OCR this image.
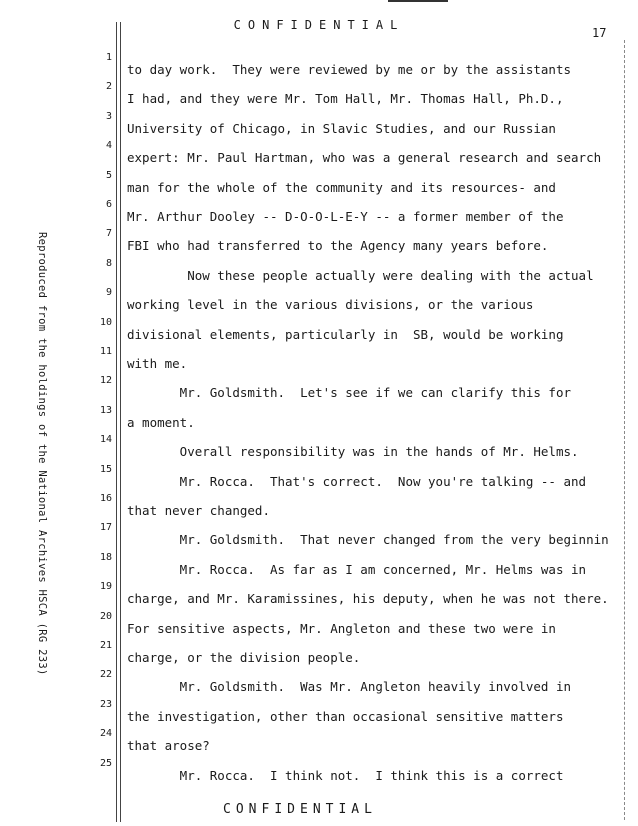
CONFIDENTIAL
17
Reproduced from the holdings of the National Archives HSCA (RG 233)
1
2
3
4
5
6
7
8
9
10
11
12
13
14
15
16
17
18
19
20
21
22
23
24
25
to day work.  They were reviewed by me or by the assistants
I had, and they were Mr. Tom Hall, Mr. Thomas Hall, Ph.D.,
University of Chicago, in Slavic Studies, and our Russian
expert: Mr. Paul Hartman, who was a general research and search
man for the whole of the community and its resources- and
Mr. Arthur Dooley -- D-O-O-L-E-Y -- a former member of the
FBI who had transferred to the Agency many years before.
Now these people actually were dealing with the actual
working level in the various divisions, or the various
divisional elements, particularly in  SB, would be working
with me.
Mr. Goldsmith.  Let's see if we can clarify this for
a moment.
Overall responsibility was in the hands of Mr. Helms.
Mr. Rocca.  That's correct.  Now you're talking -- and
that never changed.
Mr. Goldsmith.  That never changed from the very beginnin
Mr. Rocca.  As far as I am concerned, Mr. Helms was in
charge, and Mr. Karamissines, his deputy, when he was not there.
For sensitive aspects, Mr. Angleton and these two were in
charge, or the division people.
Mr. Goldsmith.  Was Mr. Angleton heavily involved in
the investigation, other than occasional sensitive matters
that arose?
Mr. Rocca.  I think not.  I think this is a correct
CONFIDENTIAL
